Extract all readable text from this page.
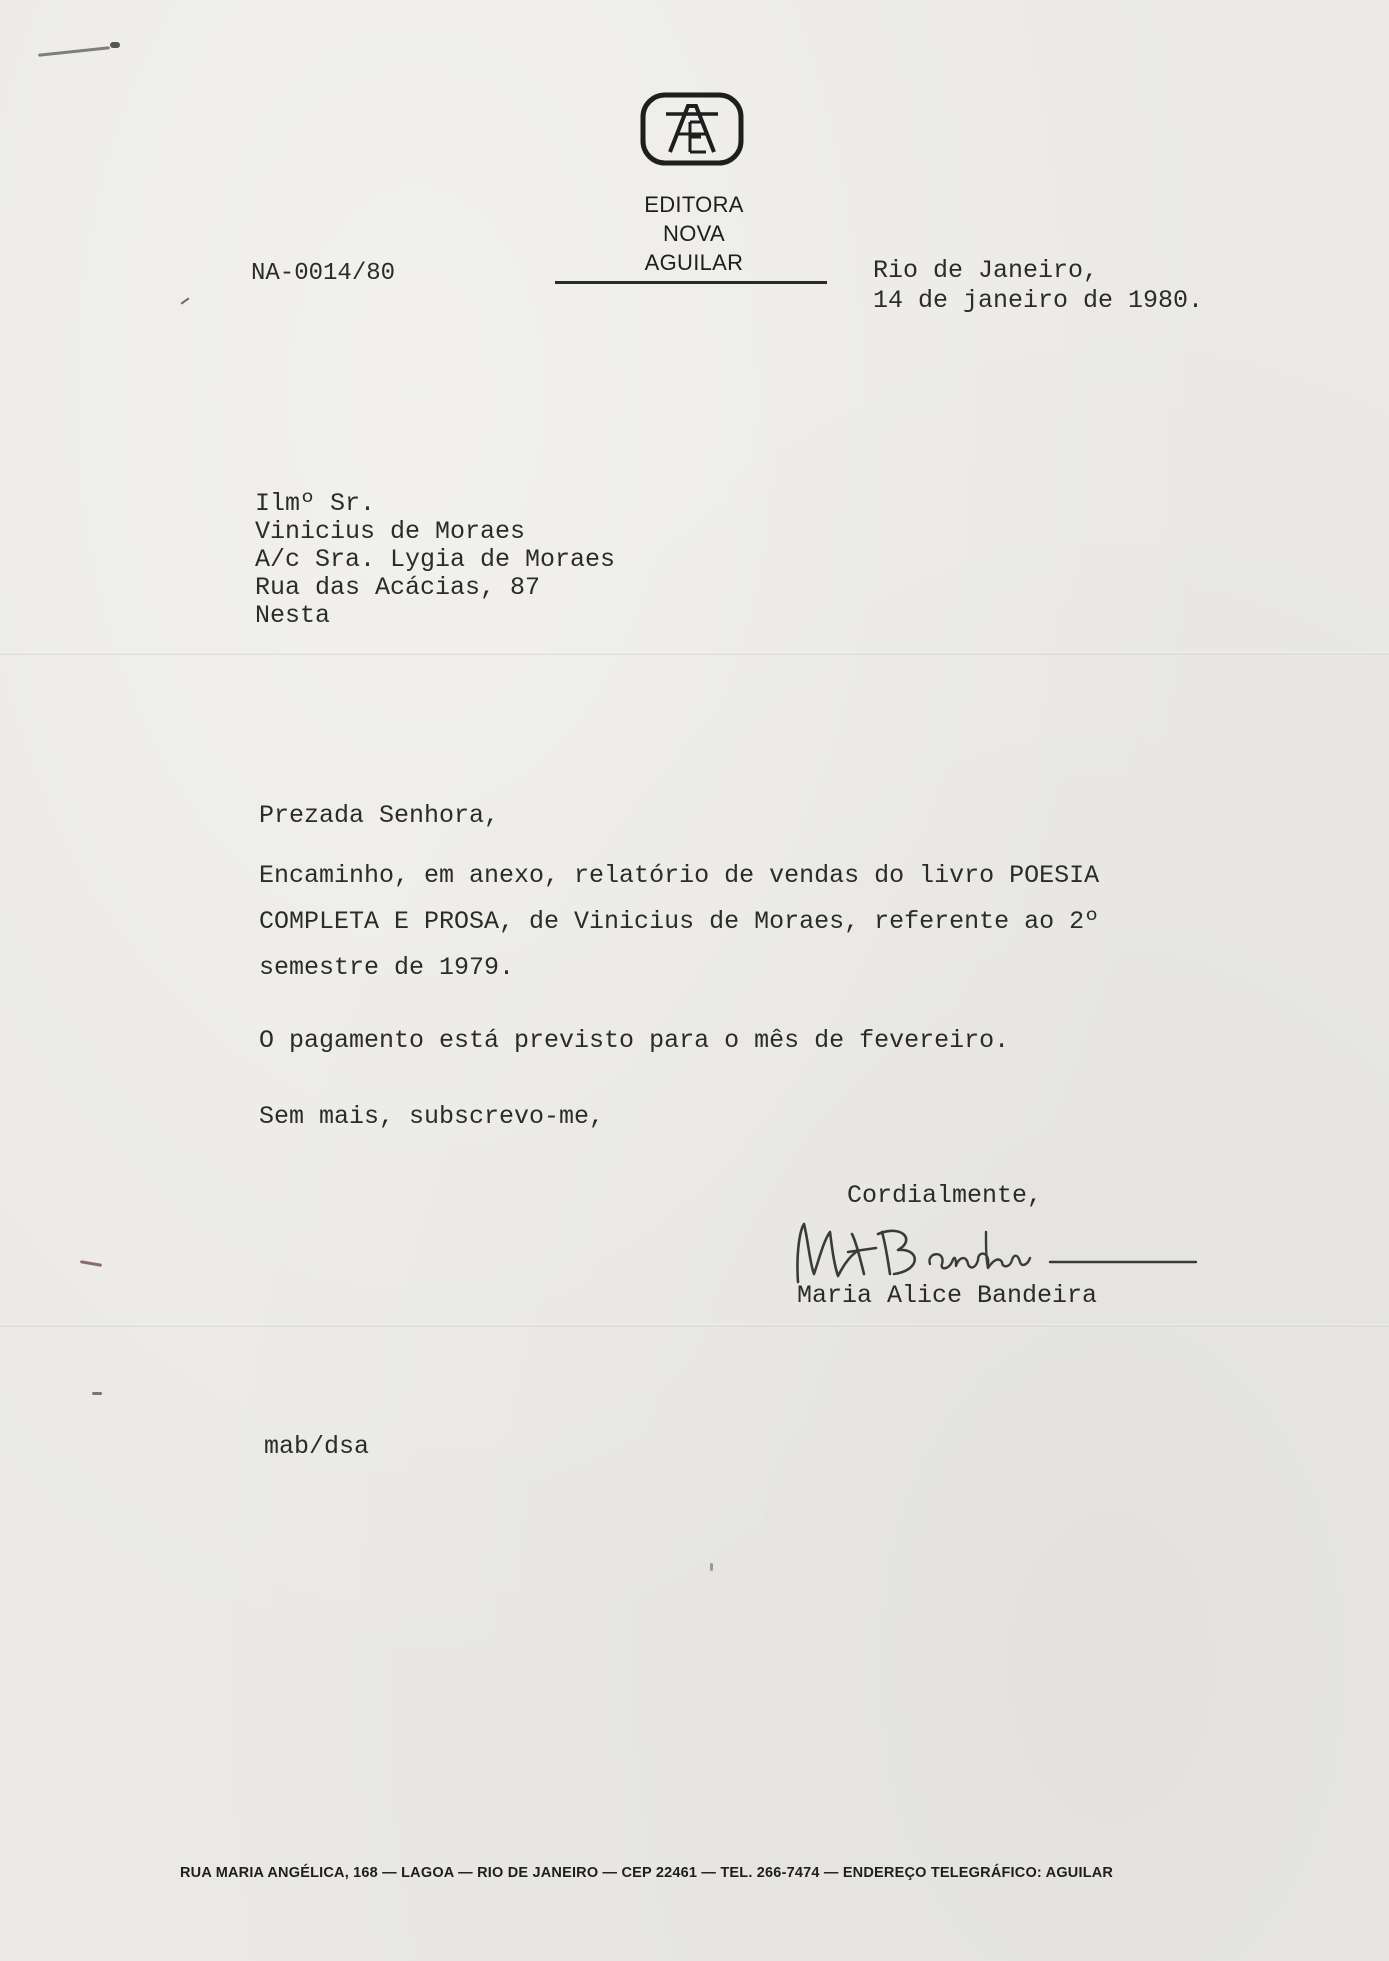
EDITORA
NOVA
AGUILAR
NA-0014/80	Rio de Janeiro,
14 de janeiro de 1980.
Ilmº Sr.
Vinicius de Moraes
A/c Sra. Lygia de Moraes
Rua das Acácias, 87
Nesta
Prezada Senhora,
Encaminho, em anexo, relatório de vendas do livro POESIA
COMPLETA E PROSA, de Vinicius de Moraes, referente ao 2º
semestre de 1979.
O pagamento está previsto para o mês de fevereiro.
Sem mais, subscrevo-me,
Cordialmente,
Maria Alice Bandeira
mab/dsa
RUA MARIA ANGÉLICA, 168 — LAGOA — RIO DE JANEIRO — CEP 22461 — TEL. 266-7474 — ENDEREÇO TELEGRÁFICO: AGUILAR
